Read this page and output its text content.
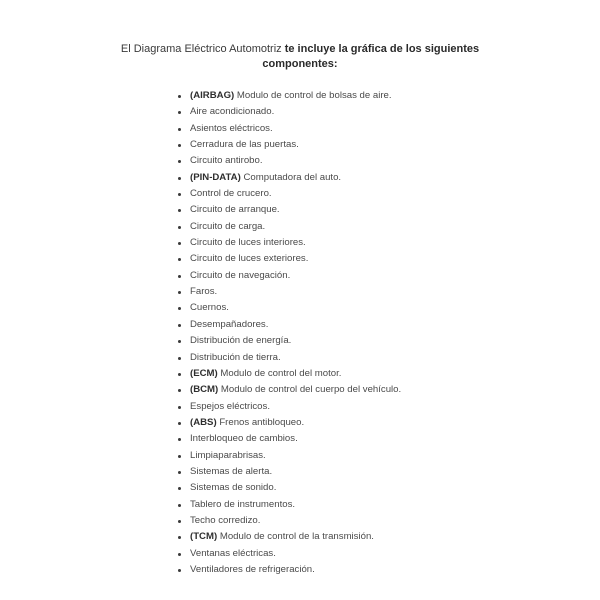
El Diagrama Eléctrico Automotriz te incluye la gráfica de los siguientes componentes:
(AIRBAG) Modulo de control de bolsas de aire.
Aire acondicionado.
Asientos eléctricos.
Cerradura de las puertas.
Circuito antirobo.
(PIN-DATA) Computadora del auto.
Control de crucero.
Circuito de arranque.
Circuito de carga.
Circuito de luces interiores.
Circuito de luces exteriores.
Circuito de navegación.
Faros.
Cuernos.
Desempañadores.
Distribución de energía.
Distribución de tierra.
(ECM) Modulo de control del motor.
(BCM) Modulo de control del cuerpo del vehículo.
Espejos eléctricos.
(ABS) Frenos antibloqueo.
Interbloqueo de cambios.
Limpiaparabrisas.
Sistemas de alerta.
Sistemas de sonido.
Tablero de instrumentos.
Techo corredizo.
(TCM) Modulo de control de la transmisión.
Ventanas eléctricas.
Ventiladores de refrigeración.
